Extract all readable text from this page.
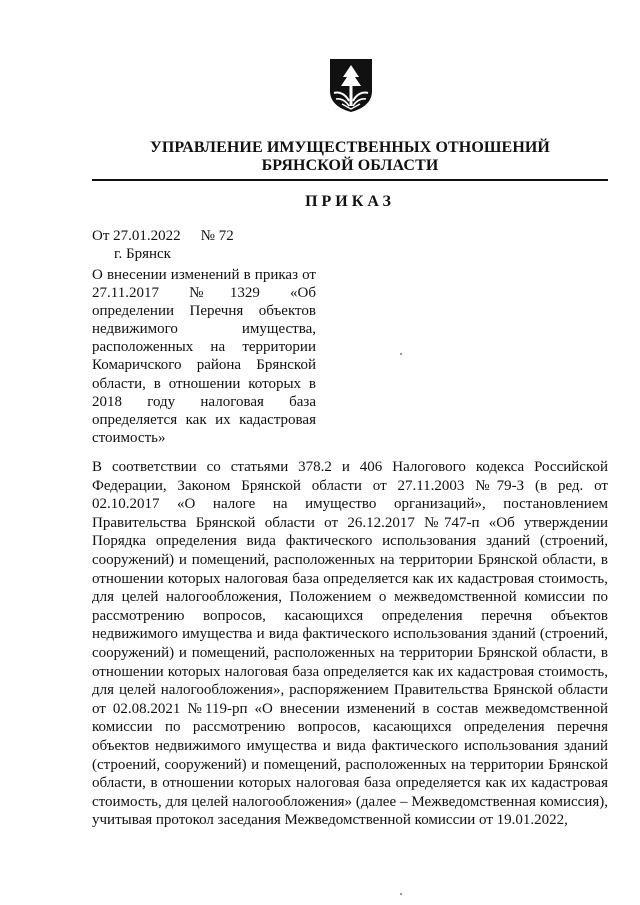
УПРАВЛЕНИЕ ИМУЩЕСТВЕННЫХ ОТНОШЕНИЙ
БРЯНСКОЙ ОБЛАСТИ
ПРИКАЗ
От 27.01.2022 № 72
г. Брянск
О внесении изменений в приказ от 27.11.2017 №1329 «Об определении Перечня объектов недвижимого имущества, расположенных на территории Комаричского района Брянской области, в отношении которых в 2018 году налоговая база определяется как их кадастровая стоимость»

В соответствии со статьями 378.2 и 406 Налогового кодекса Российской Федерации, Законом Брянской области от 27.11.2003 №79-З (в ред. от 02.10.2017 «О налоге на имущество организаций», постановлением Правительства Брянской области от 26.12.2017 №747-п «Об утверждении Порядка определения вида фактического использования зданий (строений, сооружений) и помещений, расположенных на территории Брянской области, в отношении которых налоговая база определяется как их кадастровая стоимость, для целей налогообложения, Положением о межведомственной комиссии по рассмотрению вопросов, касающихся определения перечня объектов недвижимого имущества и вида фактического использования зданий (строений, сооружений) и помещений, расположенных на территории Брянской области, в отношении которых налоговая база определяется как их кадастровая стоимость, для целей налогообложения», распоряжением Правительства Брянской области от 02.08.2021 №119-рп «О внесении изменений в состав межведомственной комиссии по рассмотрению вопросов, касающихся определения перечня объектов недвижимого имущества и вида фактического использования зданий (строений, сооружений) и помещений, расположенных на территории Брянской области, в отношении которых налоговая база определяется как их кадастровая стоимость, для целей налогообложения» (далее – Межведомственная комиссия), учитывая протокол заседания Межведомственной комиссии от 19.01.2022,
